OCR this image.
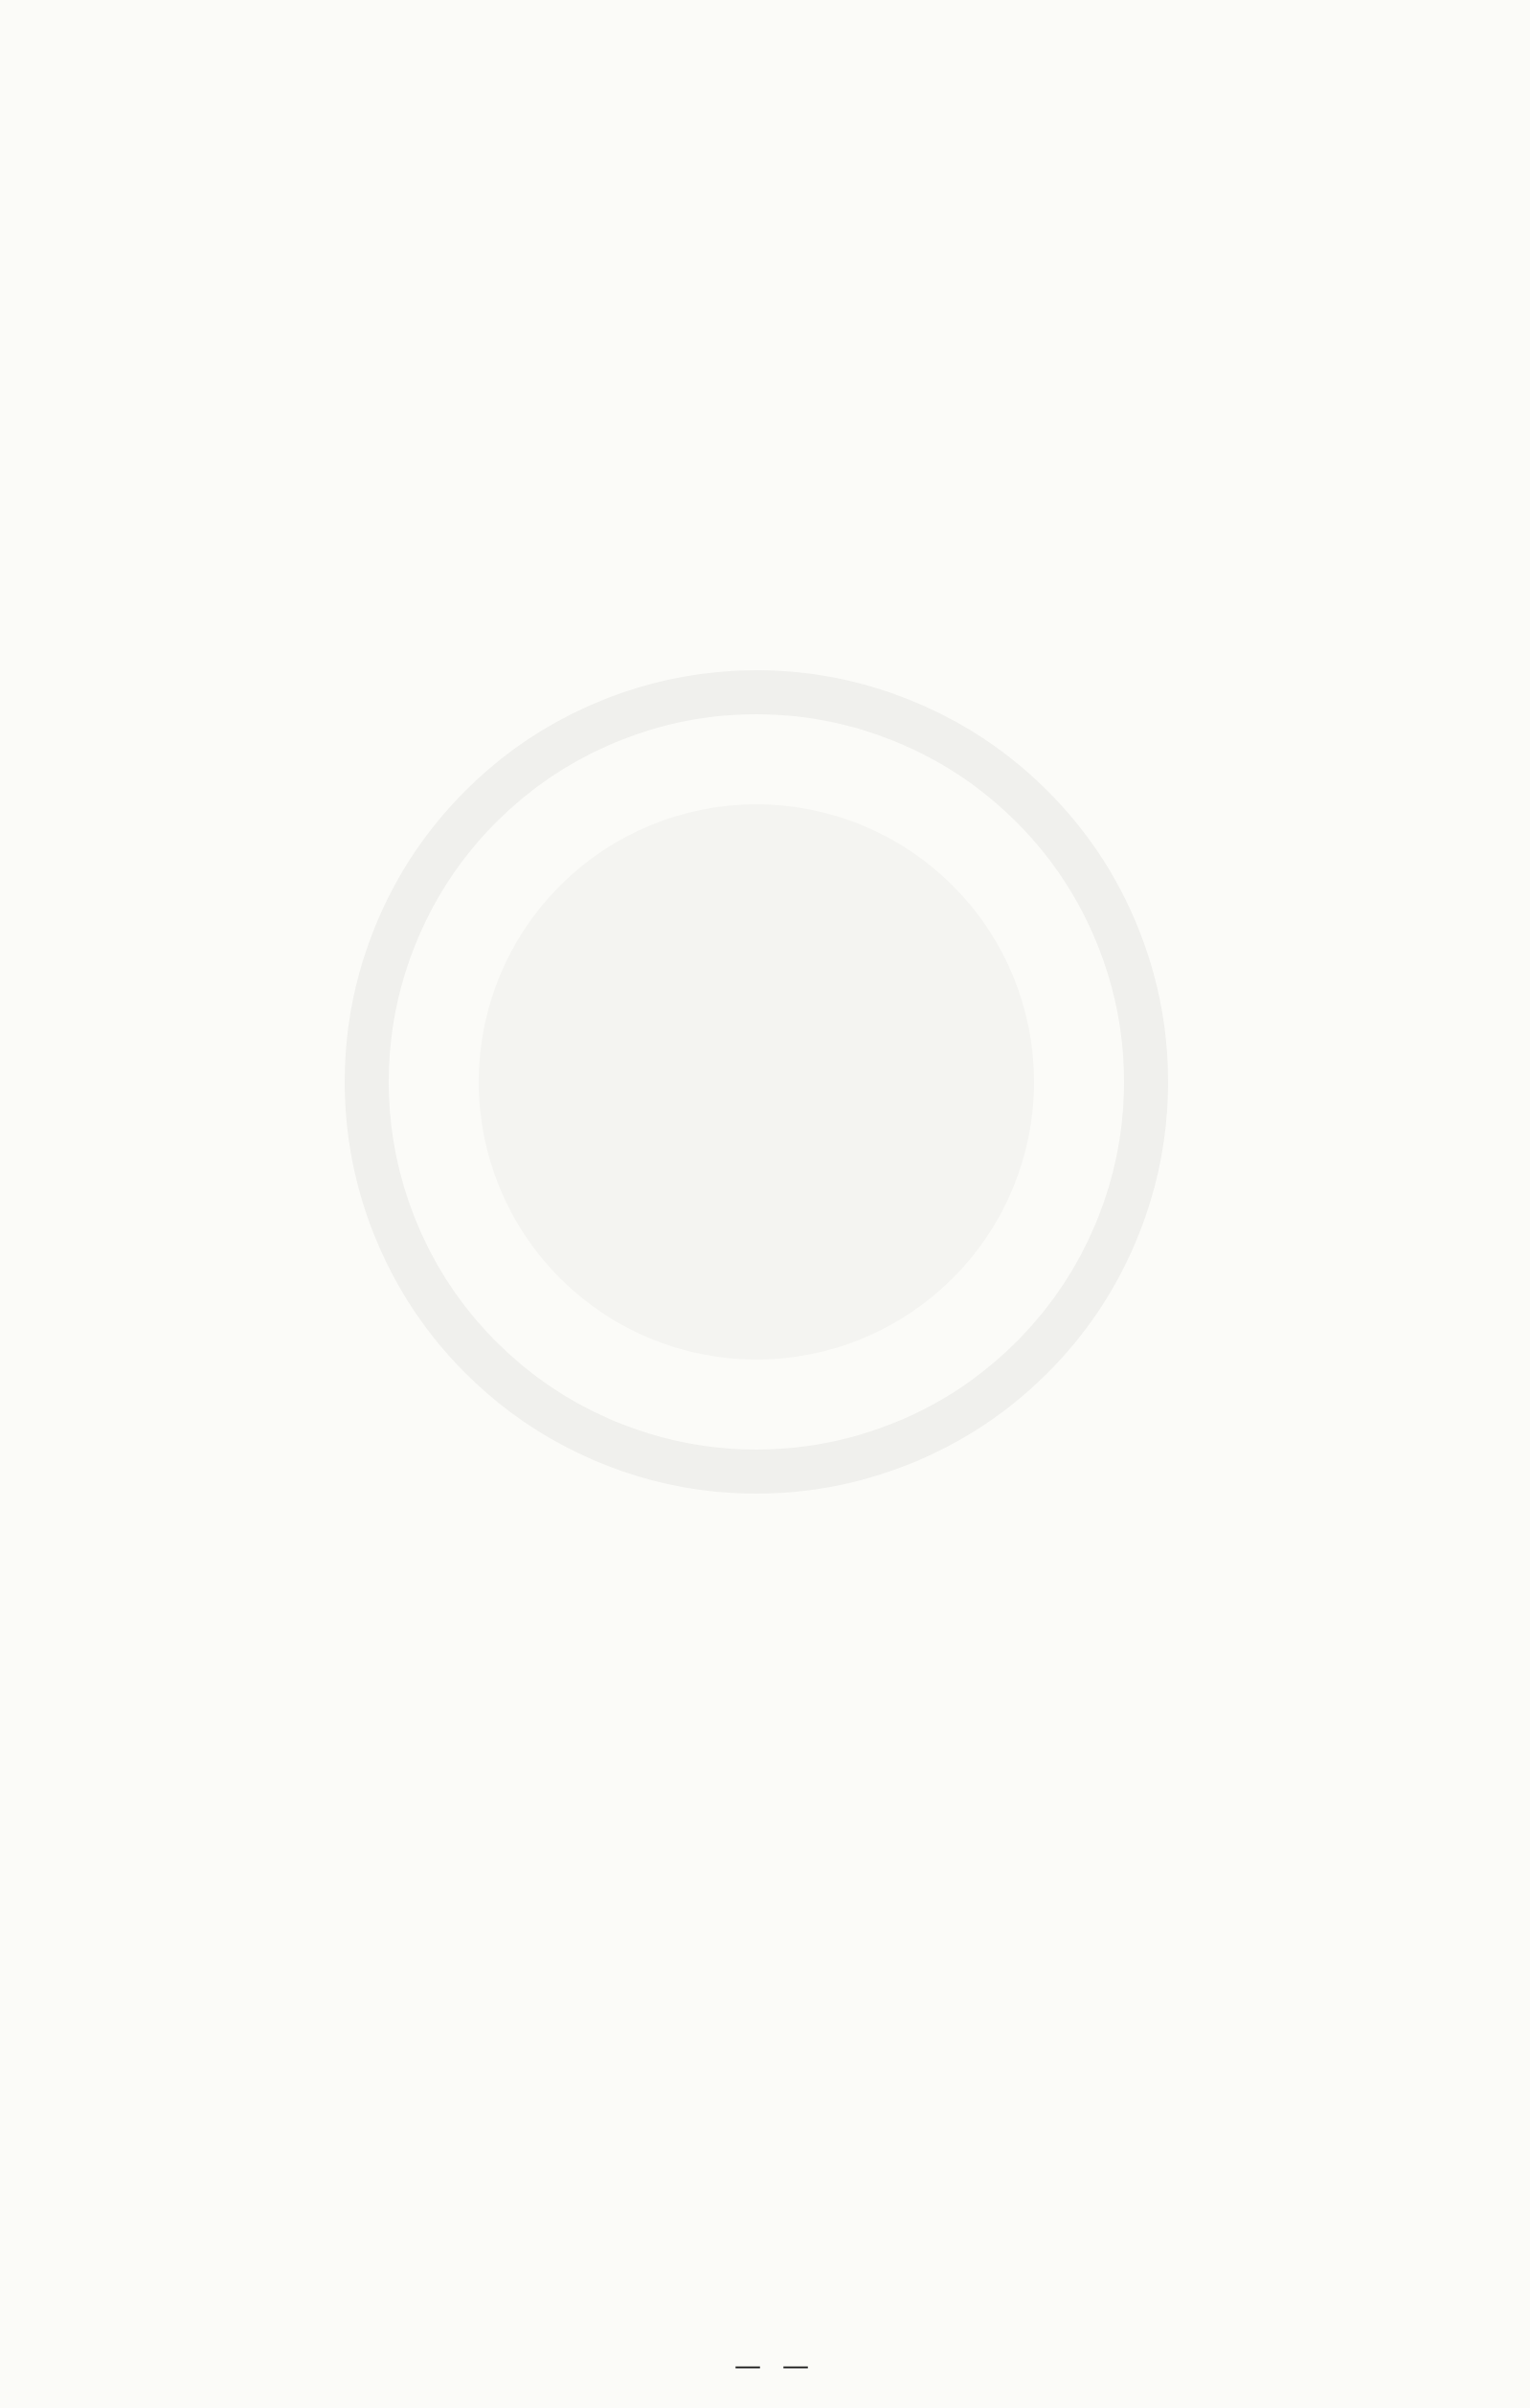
— —
